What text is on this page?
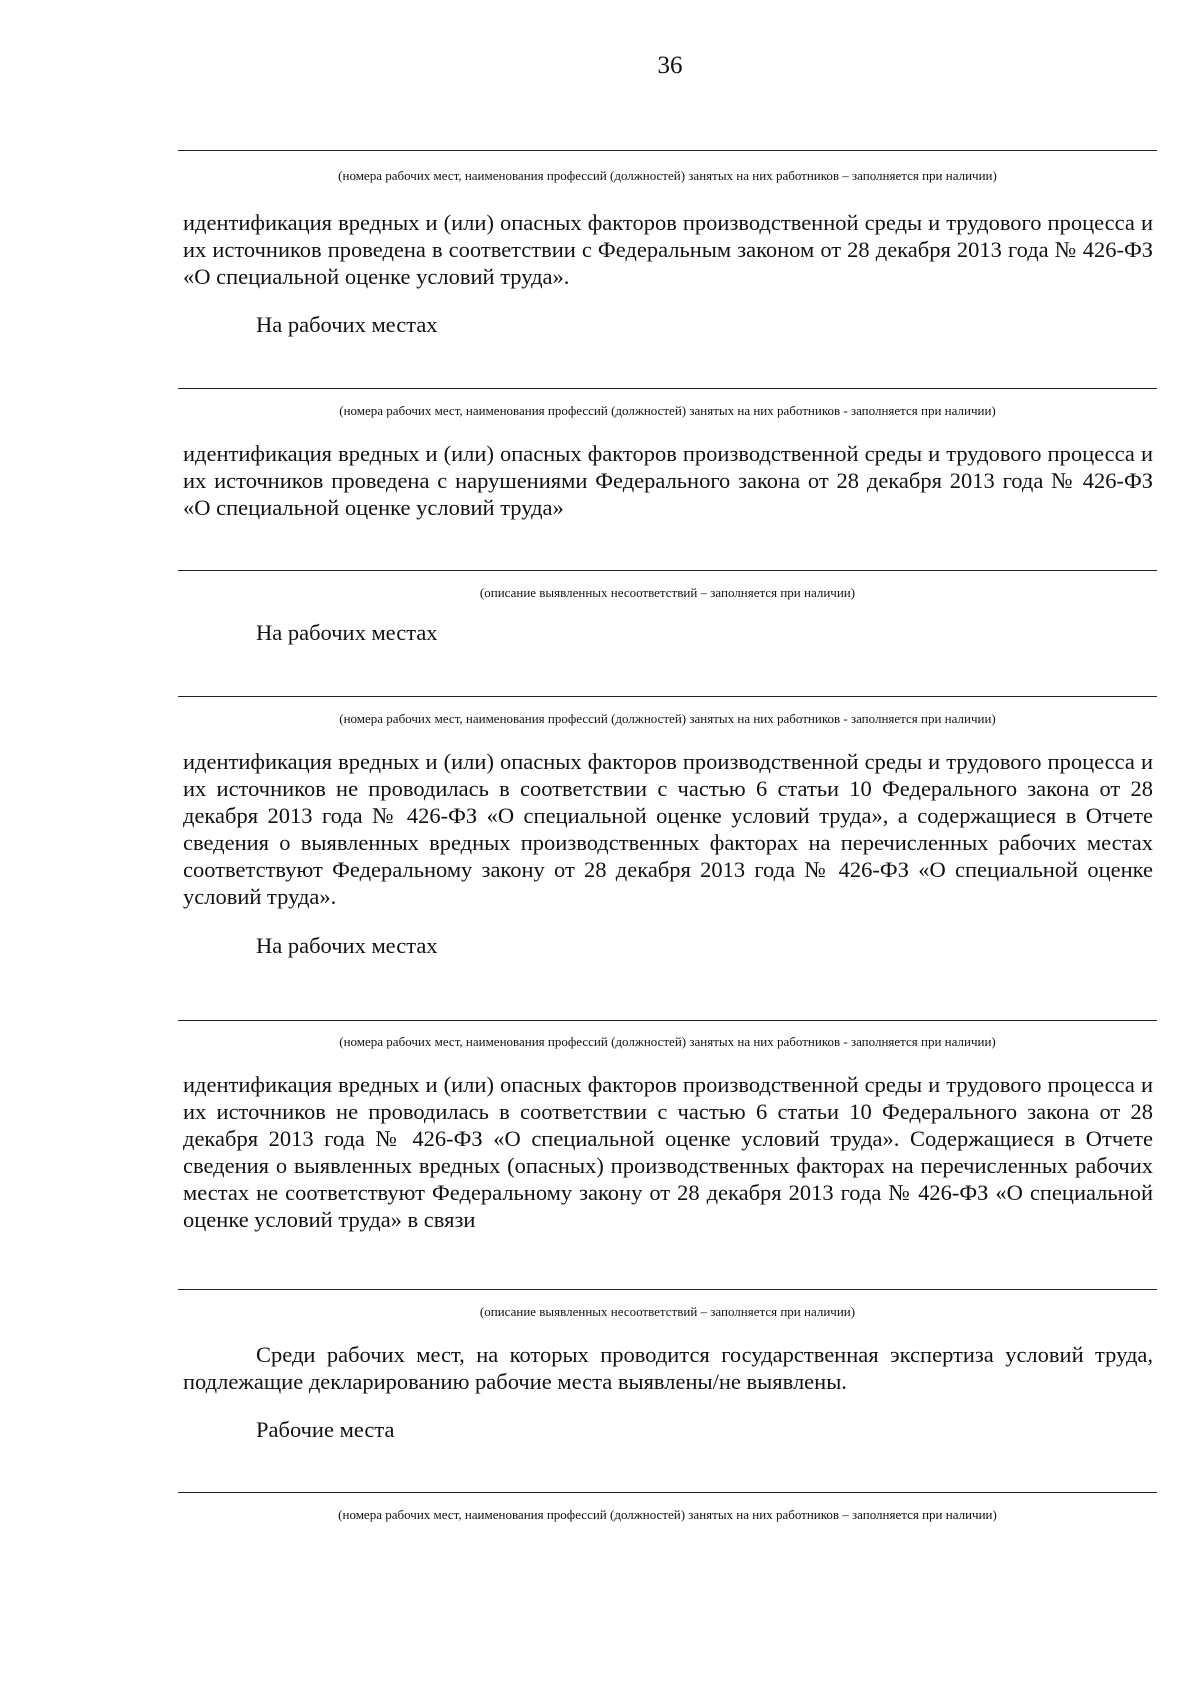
36
(номера рабочих мест, наименования профессий (должностей) занятых на них работников – заполняется при наличии)
идентификация вредных и (или) опасных факторов производственной среды и трудового процесса и их источников проведена в соответствии с Федеральным законом от 28 декабря 2013 года № 426-ФЗ «О специальной оценке условий труда».
На рабочих местах
(номера рабочих мест, наименования профессий (должностей) занятых на них работников - заполняется при наличии)
идентификация вредных и (или) опасных факторов производственной среды и трудового процесса и их источников проведена с нарушениями Федерального закона от 28 декабря 2013 года № 426-ФЗ «О специальной оценке условий труда»
(описание выявленных несоответствий – заполняется при наличии)
На рабочих местах
(номера рабочих мест, наименования профессий (должностей) занятых на них работников - заполняется при наличии)
идентификация вредных и (или) опасных факторов производственной среды и трудового процесса и их источников не проводилась в соответствии с частью 6 статьи 10 Федерального закона от 28 декабря 2013 года № 426-ФЗ «О специальной оценке условий труда», а содержащиеся в Отчете сведения о выявленных вредных производственных факторах на перечисленных рабочих местах соответствуют Федеральному закону от 28 декабря 2013 года № 426-ФЗ «О специальной оценке условий труда».
На рабочих местах
(номера рабочих мест, наименования профессий (должностей) занятых на них работников - заполняется при наличии)
идентификация вредных и (или) опасных факторов производственной среды и трудового процесса и их источников не проводилась в соответствии с частью 6 статьи 10 Федерального закона от 28 декабря 2013 года № 426-ФЗ «О специальной оценке условий труда». Содержащиеся в Отчете сведения о выявленных вредных (опасных) производственных факторах на перечисленных рабочих местах не соответствуют Федеральному закону от 28 декабря 2013 года № 426-ФЗ «О специальной оценке условий труда» в связи
(описание выявленных несоответствий – заполняется при наличии)
Среди рабочих мест, на которых проводится государственная экспертиза условий труда, подлежащие декларированию рабочие места выявлены/не выявлены.
Рабочие места
(номера рабочих мест, наименования профессий (должностей) занятых на них работников – заполняется при наличии)
